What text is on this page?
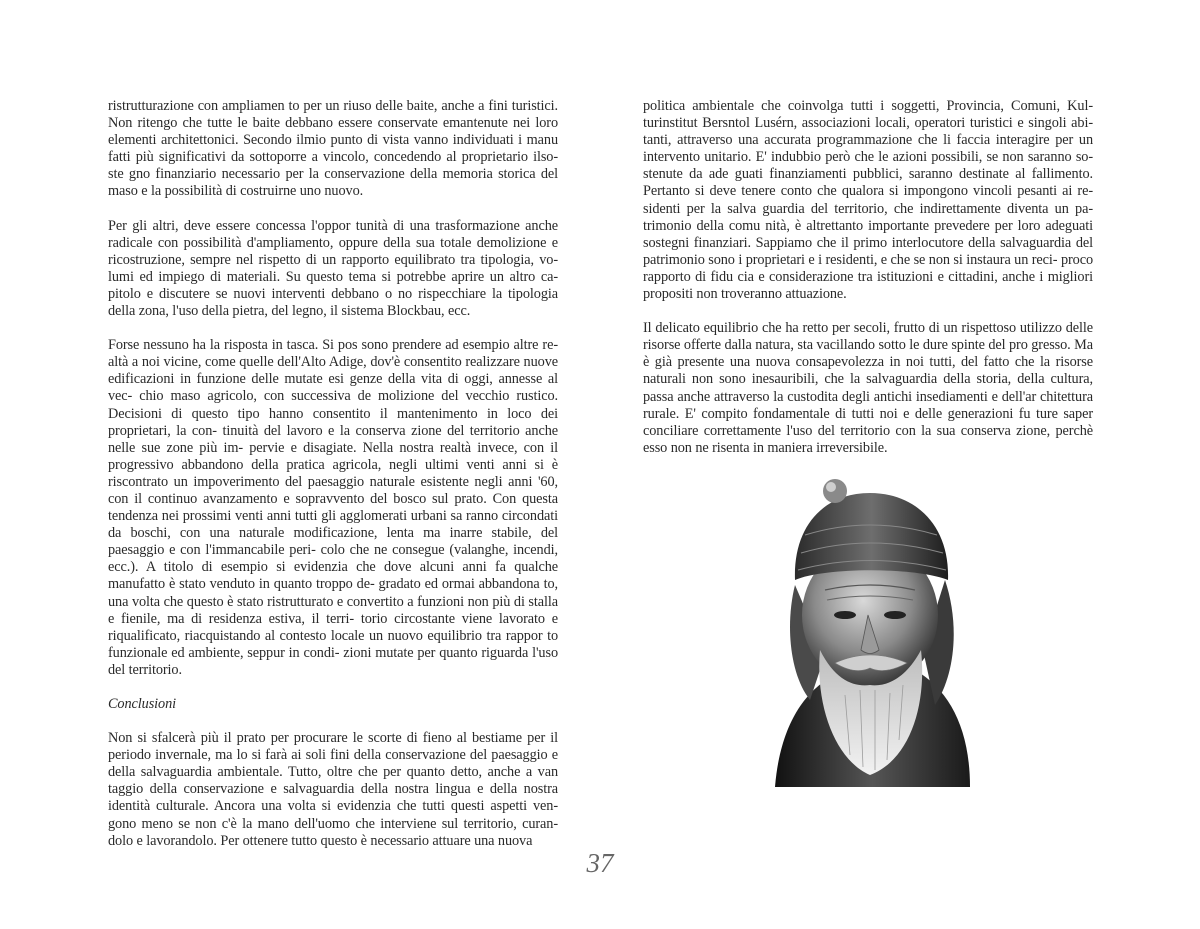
ristrutturazione con ampliamen to per un riuso delle baite, anche a fini turistici. Non ritengo che tutte le baite debbano essere conservate emantenute nei loro elementi architettonici. Secondo ilmio punto di vista vanno individuati i manu fatti più significativi da sottoporre a vincolo, concedendo al proprietario ilso- ste gno finanziario necessario per la conservazione della memoria storica del maso e la possibilità di costruirne uno nuovo.

Per gli altri, deve essere concessa l'oppor tunità di una trasformazione anche radicale con possibilità d'ampliamento, oppure della sua totale demolizione e ricostruzione, sempre nel rispetto di un rapporto equilibrato tra tipologia, vo- lumi ed impiego di materiali. Su questo tema si potrebbe aprire un altro ca- pitolo e discutere se nuovi interventi debbano o no rispecchiare la tipologia della zona, l'uso della pietra, del legno, il sistema Blockbau, ecc.

Forse nessuno ha la risposta in tasca. Si pos sono prendere ad esempio altre re- altà a noi vicine, come quelle dell'Alto Adige, dov'è consentito realizzare nuove edificazioni in funzione delle mutate esi genze della vita di oggi, annesse al vec- chio maso agricolo, con successiva de molizione del vecchio rustico. Decisioni di questo tipo hanno consentito il mantenimento in loco dei proprietari, la con- tinuità del lavoro e la conserva zione del territorio anche nelle sue zone più im- pervie e disagiate. Nella nostra realtà invece, con il progressivo abbandono della pratica agricola, negli ultimi venti anni si è riscontrato un impoverimento del paesaggio naturale esistente negli anni '60, con il continuo avanzamento e sopravvento del bosco sul prato. Con questa tendenza nei prossimi venti anni tutti gli agglomerati urbani sa ranno circondati da boschi, con una naturale modificazione, lenta ma inarre stabile, del paesaggio e con l'immancabile peri- colo che ne consegue (valanghe, incendi, ecc.). A titolo di esempio si evidenzia che dove alcuni anni fa qualche manufatto è stato venduto in quanto troppo de- gradato ed ormai abbandona to, una volta che questo è stato ristrutturato e convertito a funzioni non più di stalla e fienile, ma di residenza estiva, il terri- torio circostante viene lavorato e riqualificato, riacquistando al contesto locale un nuovo equilibrio tra rappor to funzionale ed ambiente, seppur in condi- zioni mutate per quanto riguarda l'uso del territorio.

Conclusioni

Non si sfalcerà più il prato per procurare le scorte di fieno al bestiame per il periodo invernale, ma lo si farà ai soli fini della conservazione del paesaggio e della salvaguardia ambientale. Tutto, oltre che per quanto detto, anche a van taggio della conservazione e salvaguardia della nostra lingua e della nostra identità culturale. Ancora una volta si evidenzia che tutti questi aspetti ven- gono meno se non c'è la mano dell'uomo che interviene sul territorio, curan- dolo e lavorandolo. Per ottenere tutto questo è necessario attuare una nuova

politica ambientale che coinvolga tutti i soggetti, Provincia, Comuni, Kul- turinstitut Bersntol Lusérn, associazioni locali, operatori turistici e singoli abi- tanti, attraverso una accurata programmazione che li faccia interagire per un intervento unitario. E' indubbio però che le azioni possibili, se non saranno so- stenute da ade guati finanziamenti pubblici, saranno destinate al fallimento. Pertanto si deve tenere conto che qualora si impongono vincoli pesanti ai re- sidenti per la salva guardia del territorio, che indirettamente diventa un pa- trimonio della comu nità, è altrettanto importante prevedere per loro adeguati sostegni finanziari. Sappiamo che il primo interlocutore della salvaguardia del patrimonio sono i proprietari e i residenti, e che se non si instaura un reci- proco rapporto di fidu cia e considerazione tra istituzioni e cittadini, anche i migliori propositi non troveranno attuazione.

Il delicato equilibrio che ha retto per secoli, frutto di un rispettoso utilizzo delle risorse offerte dalla natura, sta vacillando sotto le dure spinte del pro gresso. Ma è già presente una nuova consapevolezza in noi tutti, del fatto che la risorse naturali non sono inesauribili, che la salvaguardia della storia, della cultura, passa anche attraverso la custodita degli antichi insediamenti e dell'ar chitettura rurale. E' compito fondamentale di tutti noi e delle generazioni fu ture saper conciliare correttamente l'uso del territorio con la sua conserva zione, perchè esso non ne risenta in maniera irreversibile.

37
